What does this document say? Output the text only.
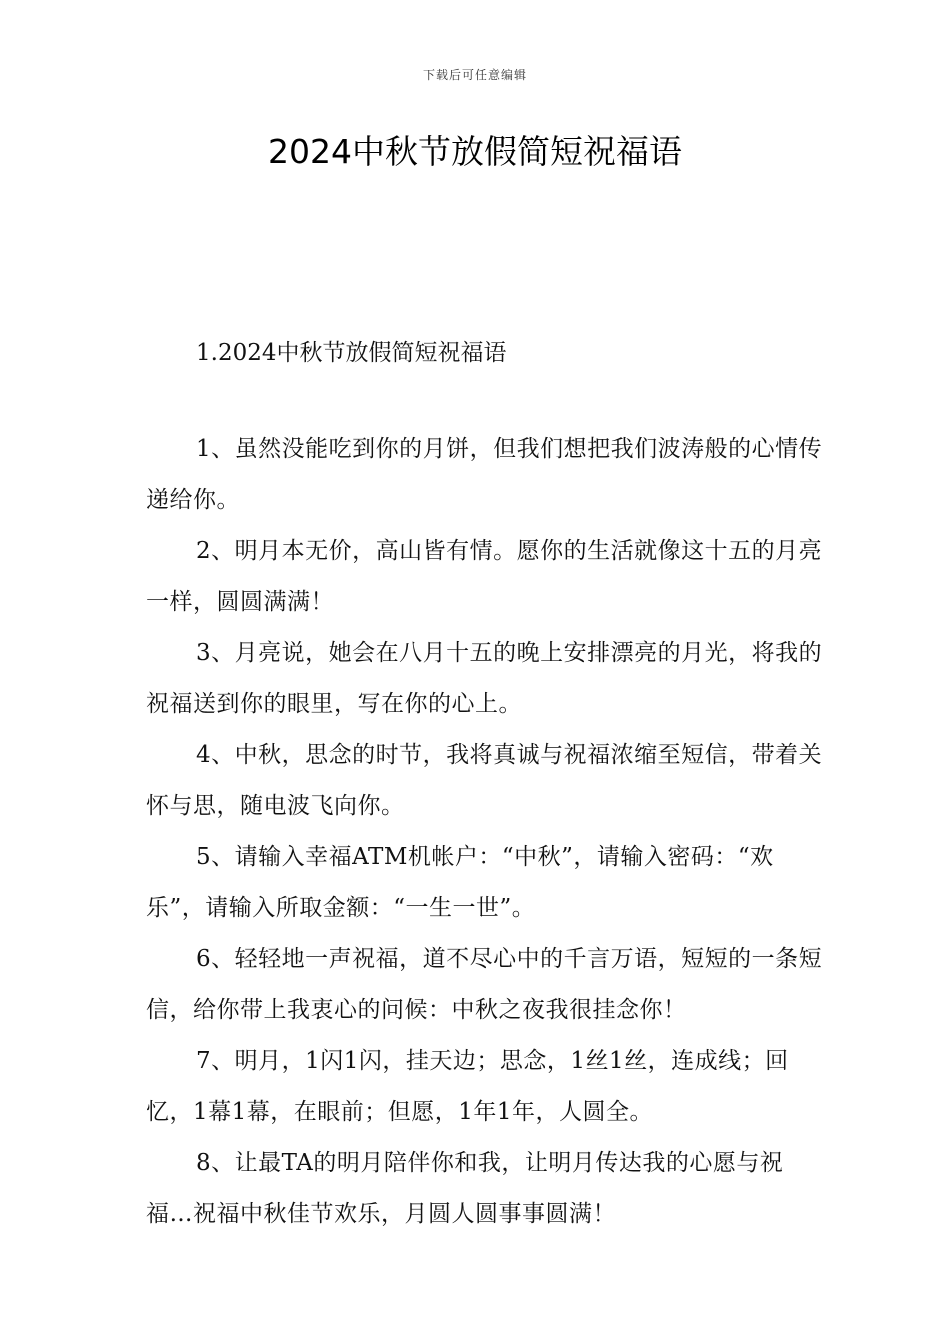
下载后可任意编辑
2024中秋节放假简短祝福语
1.2024中秋节放假简短祝福语

1、虽然没能吃到你的月饼，但我们想把我们波涛般的心情传递给你。

2、明月本无价，高山皆有情。愿你的生活就像这十五的月亮一样，圆圆满满！

3、月亮说，她会在八月十五的晚上安排漂亮的月光，将我的祝福送到你的眼里，写在你的心上。

4、中秋，思念的时节，我将真诚与祝福浓缩至短信，带着关怀与思，随电波飞向你。

5、请输入幸福ATM机帐户：“中秋”，请输入密码：“欢乐”，请输入所取金额：“一生一世”。

6、轻轻地一声祝福，道不尽心中的千言万语，短短的一条短信，给你带上我衷心的问候：中秋之夜我很挂念你！

7、明月，1闪1闪，挂天边；思念，1丝1丝，连成线；回忆，1幕1幕，在眼前；但愿，1年1年，人圆全。

8、让最TA的明月陪伴你和我，让明月传达我的心愿与祝福…祝福中秋佳节欢乐，月圆人圆事事圆满！
